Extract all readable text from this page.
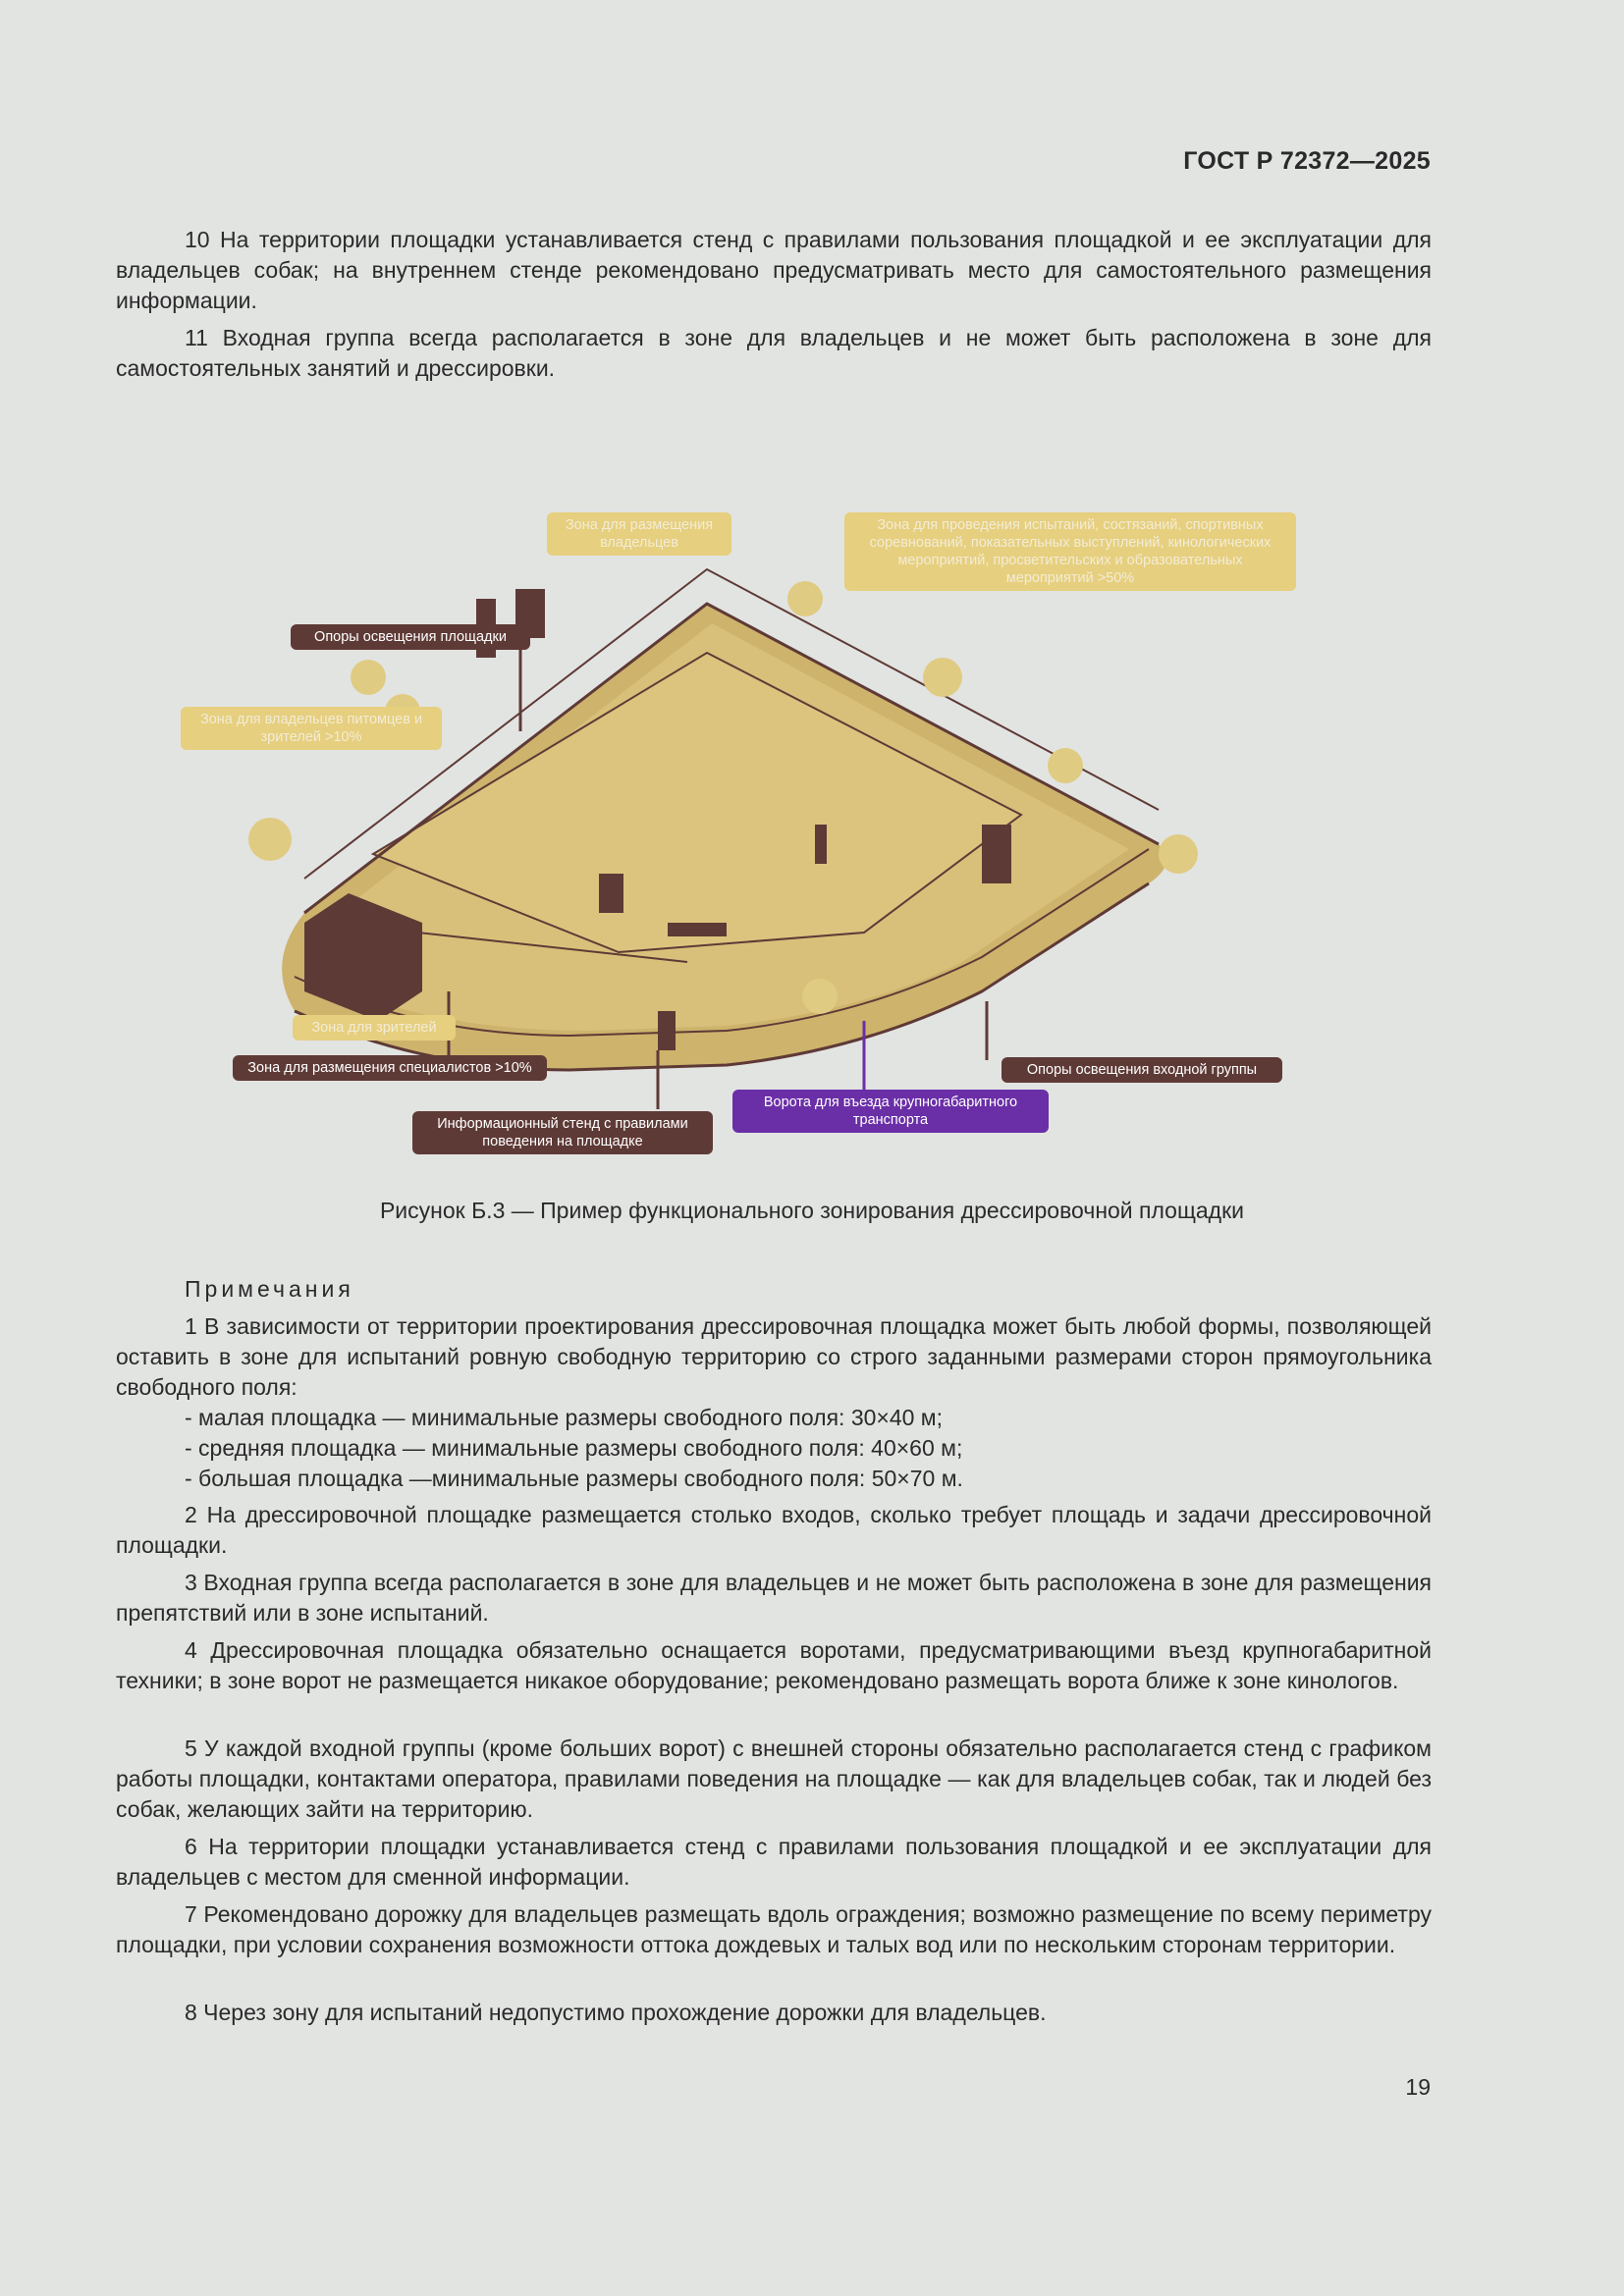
ГОСТ Р 72372—2025

10 На территории площадки устанавливается стенд с правилами пользования площадкой и ее эксплуатации для владельцев собак; на внутреннем стенде рекомендовано предусматривать место для самостоятельного размещения информации.

11 Входная группа всегда располагается в зоне для владельцев и не может быть расположена в зоне для самостоятельных занятий и дрессировки.

Зона для размещения владельцев
Зона для проведения испытаний, состязаний, спортивных соревнований, показательных выступлений, кинологических мероприятий, просветительских и образовательных мероприятий >50%
Опоры освещения площадки
Зона для владельцев питомцев и зрителей >10%
Зона для зрителей
Зона для размещения специалистов >10%
Информационный стенд с правилами поведения на площадке
Ворота для въезда крупногабаритного транспорта
Опоры освещения входной группы
Рисунок Б.3 — Пример функционального зонирования дрессировочной площадки
Примечания

1 В зависимости от территории проектирования дрессировочная площадка может быть любой формы, позволяющей оставить в зоне для испытаний ровную свободную территорию со строго заданными размерами сторон прямоугольника свободного поля:

- малая площадка — минимальные размеры свободного поля: 30×40 м;
- средняя площадка — минимальные размеры свободного поля: 40×60 м;
- большая площадка —минимальные размеры свободного поля: 50×70 м.

2 На дрессировочной площадке размещается столько входов, сколько требует площадь и задачи дрессировочной площадки.

3 Входная группа всегда располагается в зоне для владельцев и не может быть расположена в зоне для размещения препятствий или в зоне испытаний.

4 Дрессировочная площадка обязательно оснащается воротами, предусматривающими въезд крупногабаритной техники; в зоне ворот не размещается никакое оборудование; рекомендовано размещать ворота ближе к зоне кинологов.

5 У каждой входной группы (кроме больших ворот) с внешней стороны обязательно располагается стенд с графиком работы площадки, контактами оператора, правилами поведения на площадке — как для владельцев собак, так и людей без собак, желающих зайти на территорию.

6 На территории площадки устанавливается стенд с правилами пользования площадкой и ее эксплуатации для владельцев с местом для сменной информации.

7 Рекомендовано дорожку для владельцев размещать вдоль ограждения; возможно размещение по всему периметру площадки, при условии сохранения возможности оттока дождевых и талых вод или по нескольким сторонам территории.

8 Через зону для испытаний недопустимо прохождение дорожки для владельцев.

19
